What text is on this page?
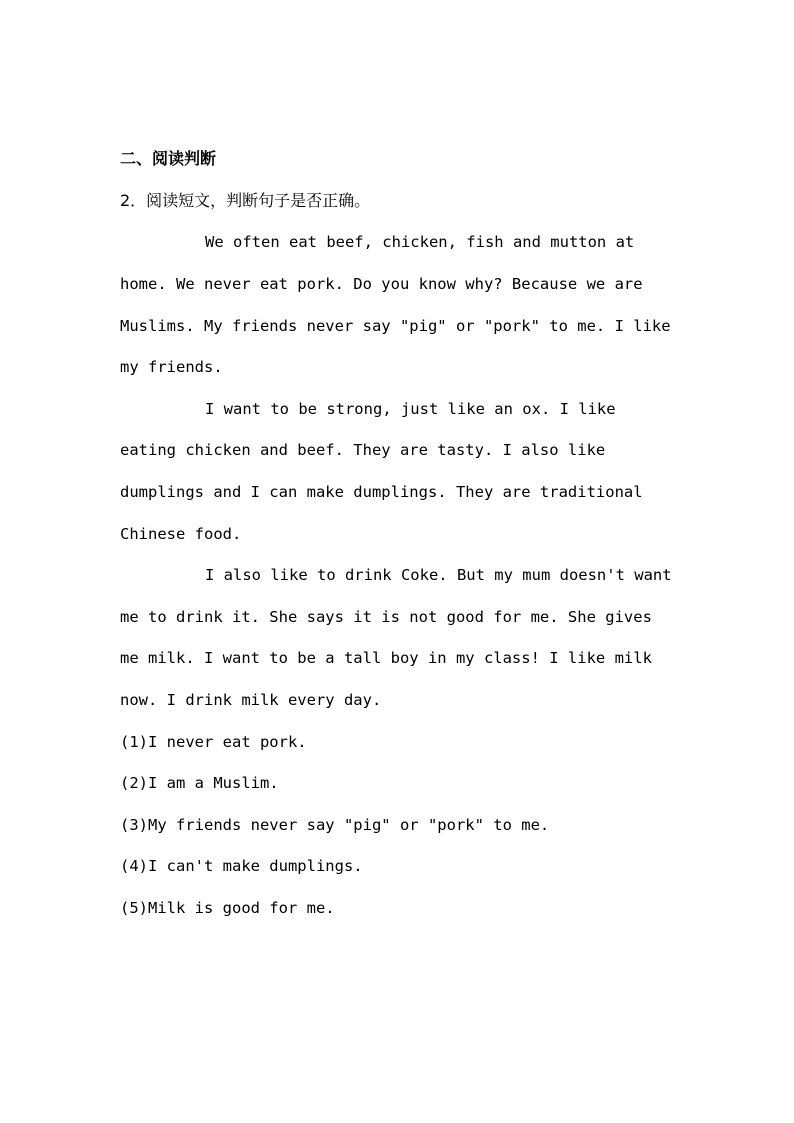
二、阅读判断
2．阅读短文，判断句子是否正确。
We often eat beef, chicken, fish and mutton at
home. We never eat pork. Do you know why? Because we are
Muslims. My friends never say "pig" or "pork" to me. I like
my friends.
I want to be strong, just like an ox. I like
eating chicken and beef. They are tasty. I also like
dumplings and I can make dumplings. They are traditional
Chinese food.
I also like to drink Coke. But my mum doesn't want
me to drink it. She says it is not good for me. She gives
me milk. I want to be a tall boy in my class! I like milk
now. I drink milk every day.
(1)I never eat pork.
(2)I am a Muslim.
(3)My friends never say "pig" or "pork" to me.
(4)I can't make dumplings.
(5)Milk is good for me.
